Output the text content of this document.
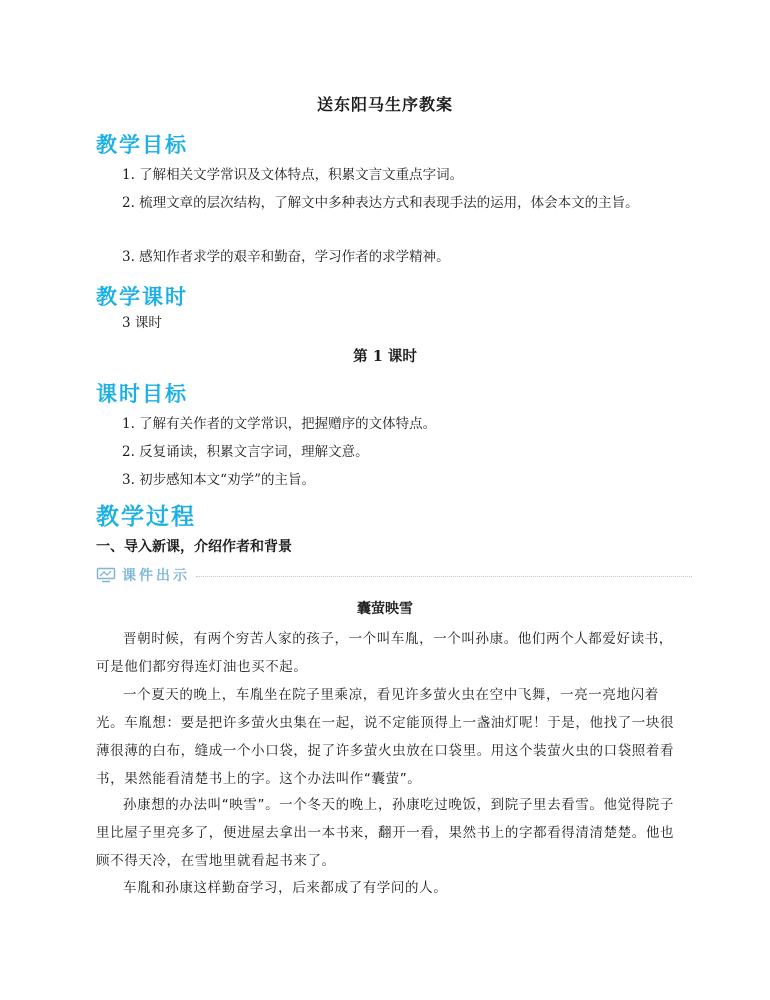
送东阳马生序教案
教学目标
1. 了解相关文学常识及文体特点，积累文言文重点字词。
2. 梳理文章的层次结构，了解文中多种表达方式和表现手法的运用，体会本文的主旨。
3. 感知作者求学的艰辛和勤奋，学习作者的求学精神。
教学课时
3 课时
第 1 课时
课时目标
1. 了解有关作者的文学常识，把握赠序的文体特点。
2. 反复诵读，积累文言字词，理解文意。
3. 初步感知本文“劝学”的主旨。
教学过程
一、导入新课，介绍作者和背景
课件出示
囊萤映雪
晋朝时候，有两个穷苦人家的孩子，一个叫车胤，一个叫孙康。他们两个人都爱好读书，可是他们都穷得连灯油也买不起。
一个夏天的晚上，车胤坐在院子里乘凉，看见许多萤火虫在空中飞舞，一亮一亮地闪着光。车胤想：要是把许多萤火虫集在一起，说不定能顶得上一盏油灯呢！于是，他找了一块很薄很薄的白布，缝成一个小口袋，捉了许多萤火虫放在口袋里。用这个装萤火虫的口袋照着看书，果然能看清楚书上的字。这个办法叫作“囊萤”。
孙康想的办法叫“映雪”。一个冬天的晚上，孙康吃过晚饭，到院子里去看雪。他觉得院子里比屋子里亮多了，便进屋去拿出一本书来，翻开一看，果然书上的字都看得清清楚楚。他也顾不得天冷，在雪地里就看起书来了。
车胤和孙康这样勤奋学习，后来都成了有学问的人。
